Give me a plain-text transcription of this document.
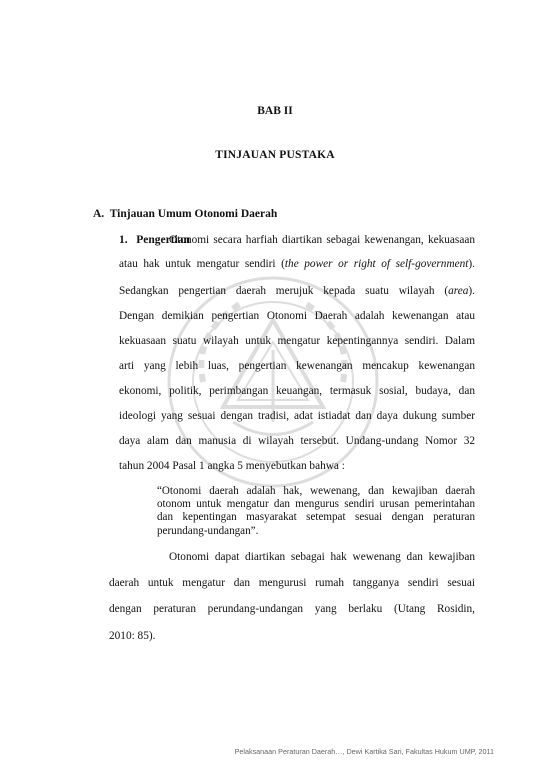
BAB II

TINJAUAN PUSTAKA

A.  Tinjauan Umum Otonomi Daerah

1.   Pengertian

Otonomi secara harfiah diartikan sebagai kewenangan, kekuasaan

atau hak untuk mengatur sendiri (the power or right of self-government).

Sedangkan pengertian daerah merujuk kepada suatu wilayah (area).

Dengan demikian pengertian Otonomi Daerah adalah kewenangan atau

kekuasaan suatu wilayah untuk mengatur kepentingannya sendiri. Dalam

arti yang lebih luas, pengertian kewenangan mencakup kewenangan

ekonomi, politik, perimbangan keuangan, termasuk sosial, budaya, dan

ideologi yang sesuai dengan tradisi, adat istiadat dan daya dukung sumber

daya alam dan manusia di wilayah tersebut. Undang-undang Nomor 32

tahun 2004 Pasal 1 angka 5 menyebutkan bahwa :

“Otonomi daerah adalah hak, wewenang, dan kewajiban daerah
otonom untuk mengatur dan mengurus sendiri urusan pemerintahan
dan kepentingan masyarakat setempat sesuai dengan peraturan
perundang-undangan”.

Otonomi dapat diartikan sebagai hak wewenang dan kewajiban

daerah untuk mengatur dan mengurusi rumah tangganya sendiri sesuai

dengan peraturan perundang-undangan yang berlaku (Utang Rosidin,

2010: 85).

Pelaksanaan Peraturan Daerah…, Dewi Kartika Sari, Fakultas Hukum UMP, 2011
